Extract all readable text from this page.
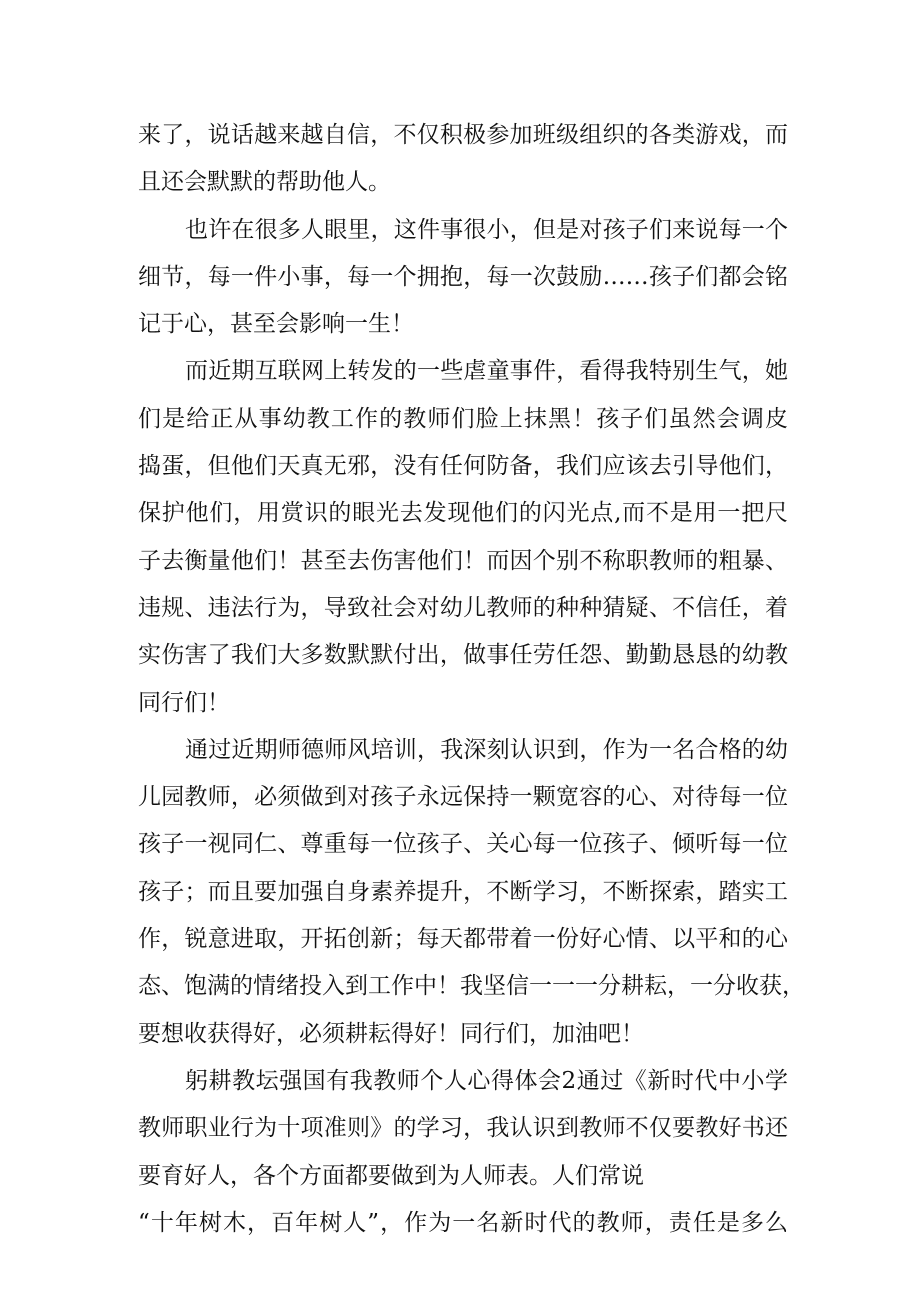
来了，说话越来越自信，不仅积极参加班级组织的各类游戏，而
且还会默默的帮助他人。
也许在很多人眼里，这件事很小，但是对孩子们来说每一个
细节，每一件小事，每一个拥抱，每一次鼓励……孩子们都会铭
记于心，甚至会影响一生！
而近期互联网上转发的一些虐童事件，看得我特别生气，她
们是给正从事幼教工作的教师们脸上抹黑！孩子们虽然会调皮
捣蛋，但他们天真无邪，没有任何防备，我们应该去引导他们，
保护他们，用赏识的眼光去发现他们的闪光点,而不是用一把尺
子去衡量他们！甚至去伤害他们！而因个别不称职教师的粗暴、
违规、违法行为，导致社会对幼儿教师的种种猜疑、不信任，着
实伤害了我们大多数默默付出，做事任劳任怨、勤勤恳恳的幼教
同行们！
通过近期师德师风培训，我深刻认识到，作为一名合格的幼
儿园教师，必须做到对孩子永远保持一颗宽容的心、对待每一位
孩子一视同仁、尊重每一位孩子、关心每一位孩子、倾听每一位
孩子；而且要加强自身素养提升，不断学习，不断探索，踏实工
作，锐意进取，开拓创新；每天都带着一份好心情、以平和的心
态、饱满的情绪投入到工作中！我坚信一一一分耕耘，一分收获，
要想收获得好，必须耕耘得好！同行们，加油吧！
躬耕教坛强国有我教师个人心得体会2通过《新时代中小学
教师职业行为十项准则》的学习，我认识到教师不仅要教好书还
要育好人，各个方面都要做到为人师表。人们常说
“十年树木，百年树人”，作为一名新时代的教师，责任是多么
